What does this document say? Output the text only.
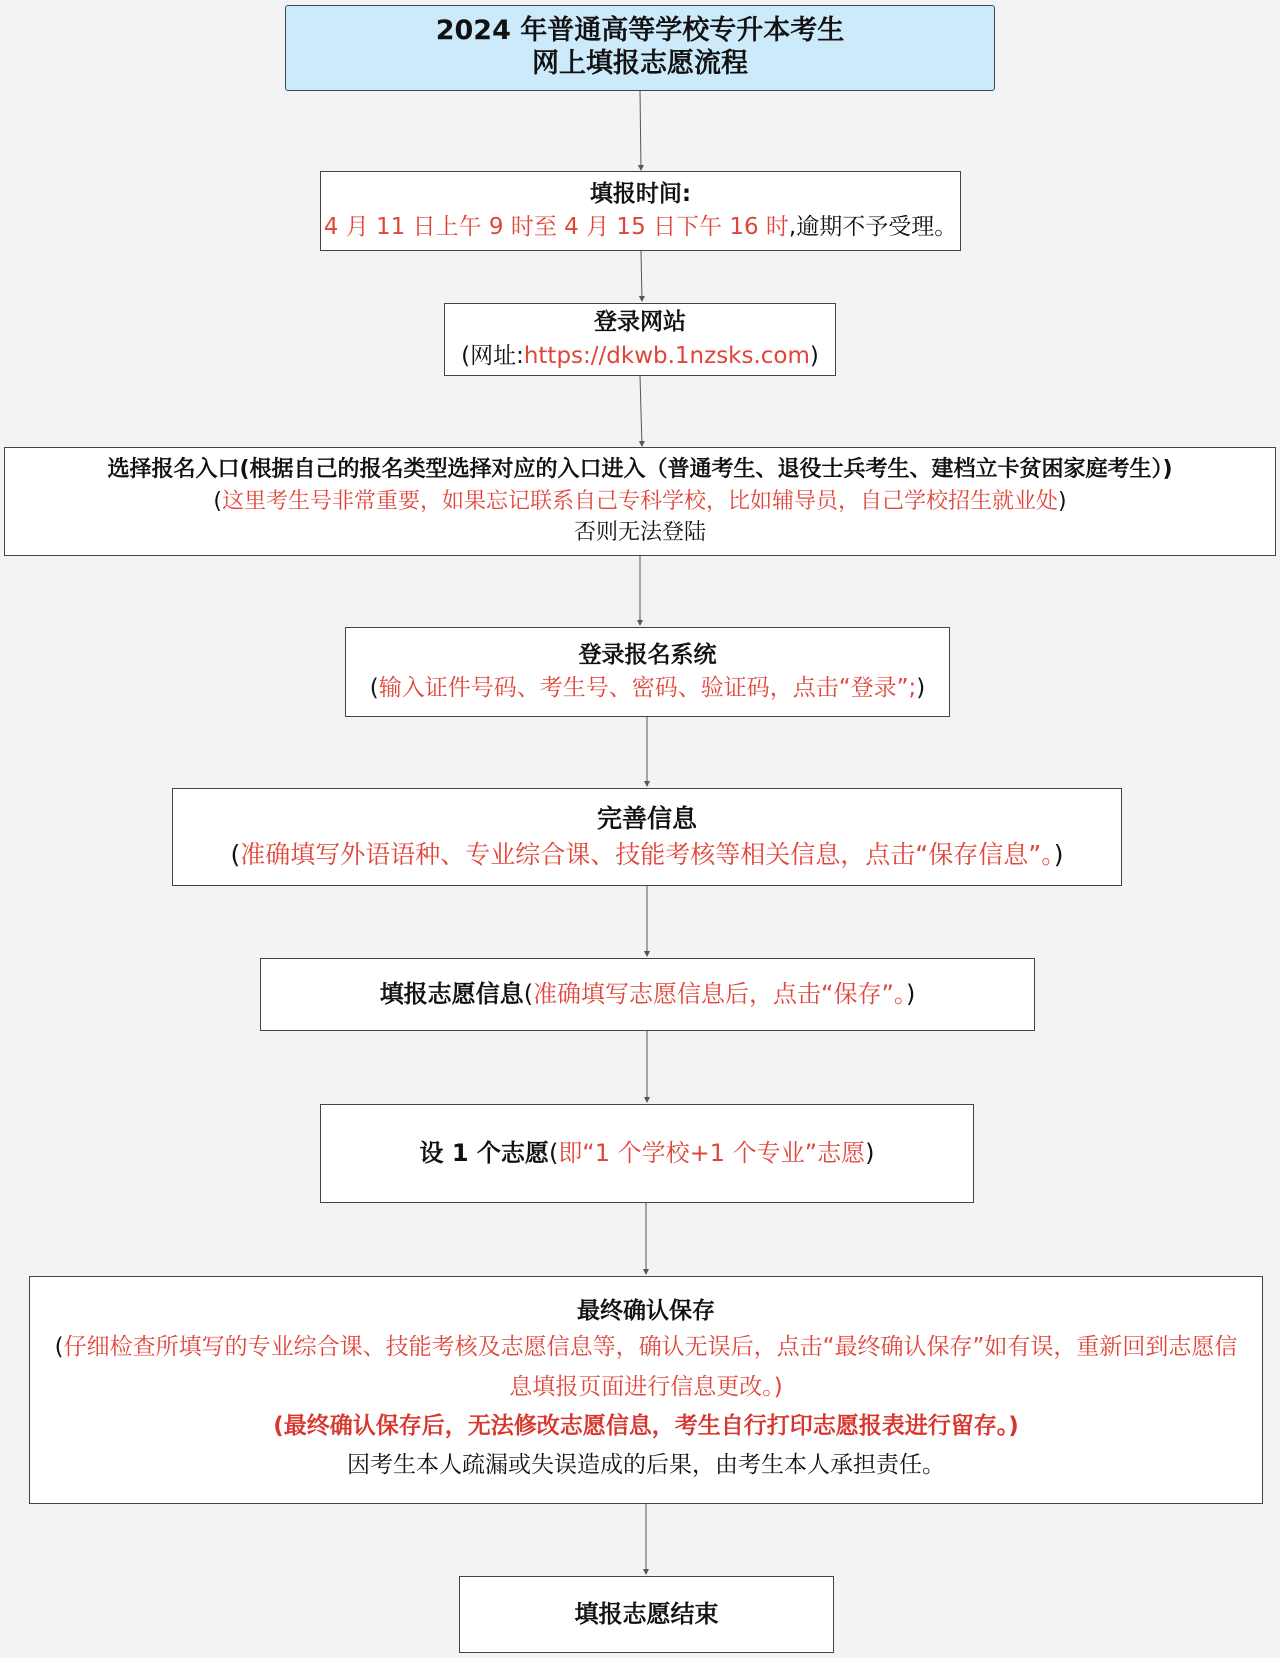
2024 年普通高等学校专升本考生
网上填报志愿流程
填报时间:
4 月 11 日上午 9 时至 4 月 15 日下午 16 时,逾期不予受理。
登录网站
(网址:https://dkwb.1nzsks.com)
选择报名入口(根据自己的报名类型选择对应的入口进入（普通考生、退役士兵考生、建档立卡贫困家庭考生）)
(这里考生号非常重要，如果忘记联系自己专科学校，比如辅导员，自己学校招生就业处)
否则无法登陆
登录报名系统
(输入证件号码、考生号、密码、验证码，点击“登录”;)
完善信息
(准确填写外语语种、专业综合课、技能考核等相关信息，点击“保存信息”。)
填报志愿信息(准确填写志愿信息后，点击“保存”。)
设 1 个志愿(即“1 个学校+1 个专业”志愿)
最终确认保存
(仔细检查所填写的专业综合课、技能考核及志愿信息等，确认无误后，点击“最终确认保存”如有误，重新回到志愿信息填报页面进行信息更改。)
(最终确认保存后，无法修改志愿信息，考生自行打印志愿报表进行留存。)
因考生本人疏漏或失误造成的后果，由考生本人承担责任。
填报志愿结束
